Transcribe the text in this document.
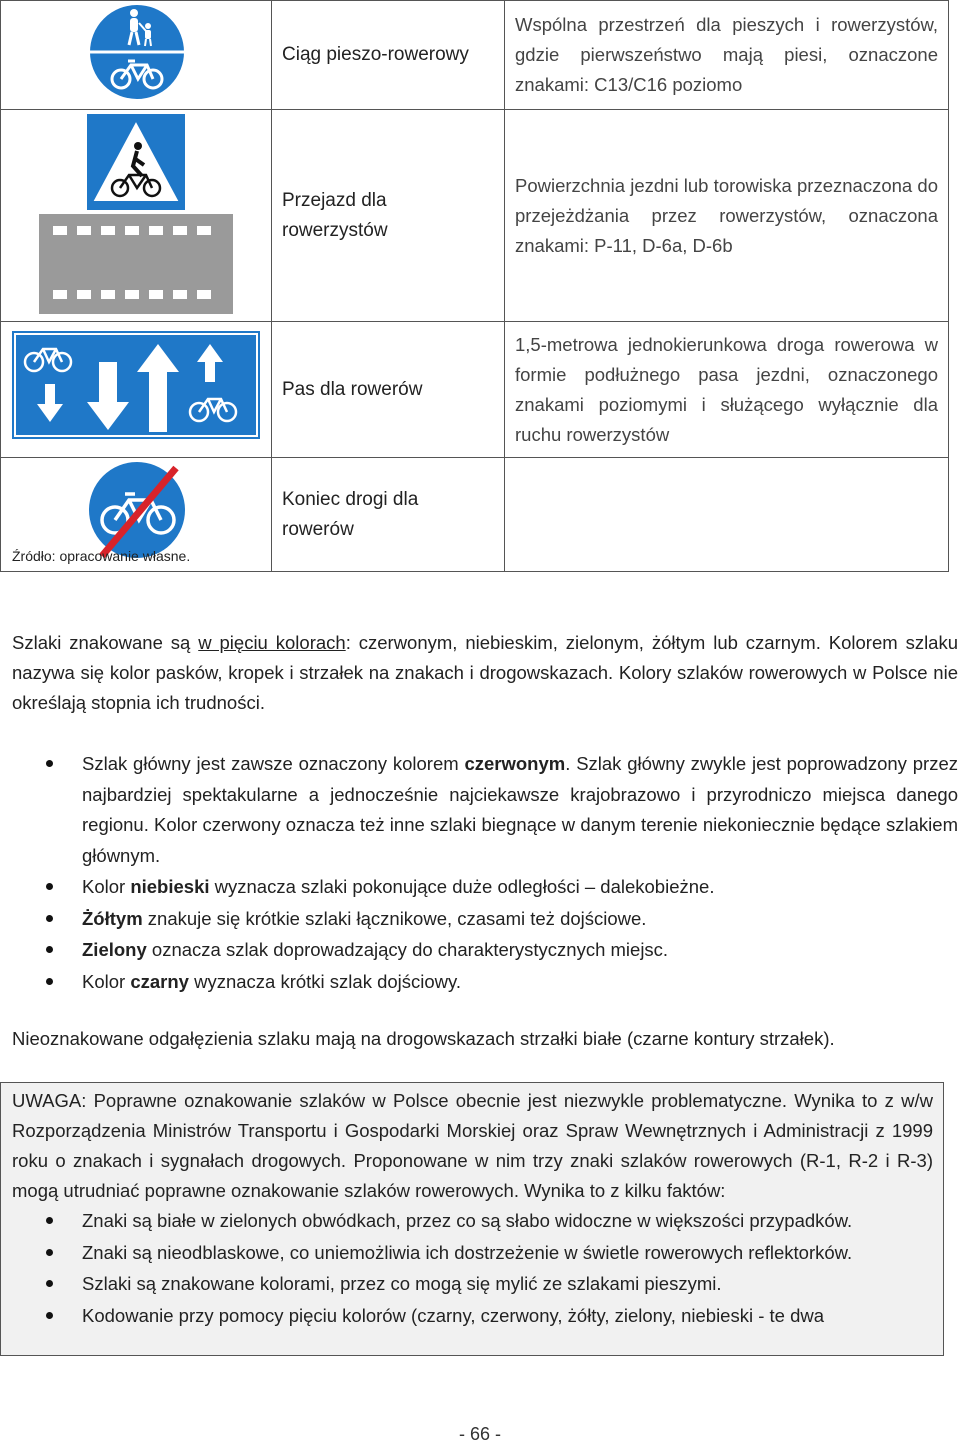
	Ciąg pieszo-rowerowy	Wspólna przestrzeń dla pieszych i rowerzystów, gdzie pierwszeństwo mają piesi, oznaczone znakami: C13/C16 poziomo
	Przejazd dla rowerzystów	Powierzchnia jezdni lub torowiska przeznaczona do przejeżdżania przez rowerzystów, oznaczona znakami: P-11, D-6a, D-6b
	Pas dla rowerów	1,5-metrowa jednokierunkowa droga rowerowa w formie podłużnego pasa jezdni, oznaczonego znakami poziomymi i służącego wyłącznie dla ruchu rowerzystów
	Koniec drogi dla rowerów	
Źródło: opracowanie własne.
Szlaki znakowane są w pięciu kolorach: czerwonym, niebieskim, zielonym, żółtym lub czarnym. Kolorem szlaku nazywa się kolor pasków, kropek i strzałek na znakach i drogowskazach. Kolory szlaków rowerowych w Polsce nie określają stopnia ich trudności.
Szlak główny jest zawsze oznaczony kolorem czerwonym. Szlak główny zwykle jest poprowadzony przez najbardziej spektakularne a jednocześnie najciekawsze krajobrazowo i przyrodniczo miejsca danego regionu. Kolor czerwony oznacza też inne szlaki biegnące w danym terenie niekoniecznie będące szlakiem głównym.
Kolor niebieski wyznacza szlaki pokonujące duże odległości – dalekobieżne.
Żółtym znakuje się krótkie szlaki łącznikowe, czasami też dojściowe.
Zielony oznacza szlak doprowadzający do charakterystycznych miejsc.
Kolor czarny wyznacza krótki szlak dojściowy.
Nieoznakowane odgałęzienia szlaku mają na drogowskazach strzałki białe (czarne kontury strzałek).
UWAGA: Poprawne oznakowanie szlaków w Polsce obecnie jest niezwykle problematyczne. Wynika to z w/w Rozporządzenia Ministrów Transportu i Gospodarki Morskiej oraz Spraw Wewnętrznych i Administracji z 1999 roku o znakach i sygnałach drogowych. Proponowane w nim trzy znaki szlaków rowerowych (R-1, R-2 i R-3) mogą utrudniać poprawne oznakowanie szlaków rowerowych. Wynika to z kilku faktów:
Znaki są białe w zielonych obwódkach, przez co są słabo widoczne w większości przypadków.
Znaki są nieodblaskowe, co uniemożliwia ich dostrzeżenie w świetle rowerowych reflektorków.
Szlaki są znakowane kolorami, przez co mogą się mylić ze szlakami pieszymi.
Kodowanie przy pomocy pięciu kolorów (czarny, czerwony, żółty, zielony, niebieski - te dwa
- 66 -
